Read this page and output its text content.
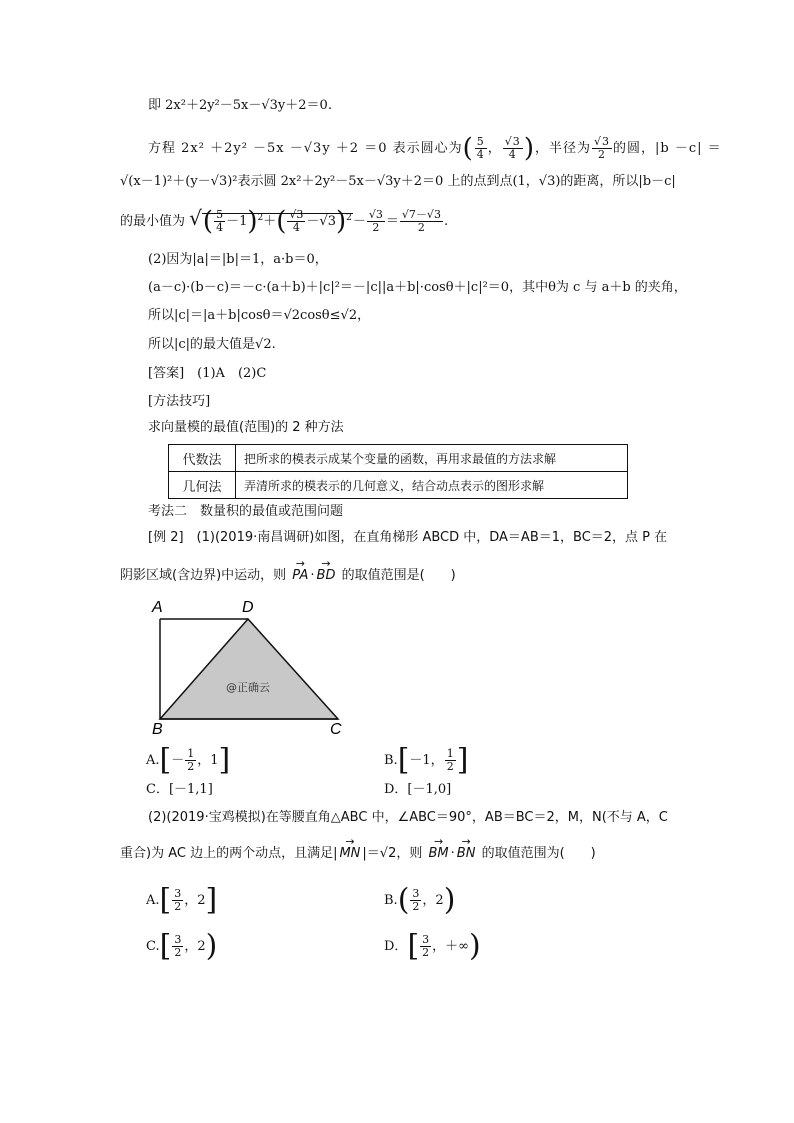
即 2x²＋2y²－5x－√3y＋2＝0.
方程 2x² ＋2y² －5x －√3y ＋2 ＝0 表示圆心为( $\frac{5}{4}$ ， $\frac{√3}{4}$ )，半径为 $\frac{√3}{2}$ 的圆，|b －c| ＝
√(x－1)²＋(y－√3)²表示圆 2x²＋2y²－5x－√3y＋2＝0 上的点到点(1，√3)的距离，所以|b－c|
的最小值为 √( $\frac{5}{4} -1)^2+( \frac{√3}{4} -√3)^2- \frac{√3}{2} = \frac{√7-√3}{2}$ .
(2)因为|a|＝|b|＝1，a·b＝0，
(a－c)·(b－c)＝－c·(a＋b)＋|c|²＝－|c||a＋b|·cosθ＋|c|²＝0，其中θ为 c 与 a＋b 的夹角，
所以|c|＝|a＋b|cosθ＝√2cosθ≤√2，
所以|c|的最大值是√2.
[答案]　(1)A　(2)C
[方法技巧]
求向量模的最值(范围)的 2 种方法
代数法	把所求的模表示成某个变量的函数，再用求最值的方法求解
几何法	弄清所求的模表示的几何意义，结合动点表示的图形求解
考法二　数量积的最值或范围问题
[例 2]　(1)(2019·南昌调研)如图，在直角梯形 ABCD 中，DA＝AB＝1，BC＝2，点 P 在
阴影区域(含边界)中运动，则 → PA · → BD 的取值范围是(　　)
A	D
B	C
@正确云
$A.[- \frac{1}{2}$ ，1]	B.[－1， $\frac{1}{2}$ ]
C．[－1,1]	D．[－1,0]
(2)(2019·宝鸡模拟)在等腰直角△ABC 中，∠ABC＝90°，AB＝BC＝2，M，N(不与 A，C
重合)为 AC 边上的两个动点，且满足| → MN |＝√2，则 → BM · → BN 的取值范围为(　　)
$A.[ \frac{3}{2}$ ，2]	$B.( \frac{3}{2}$ ，2)
$C.[ \frac{3}{2}$ ，2)	D．[ $\frac{3}{2}$ ，＋∞)
